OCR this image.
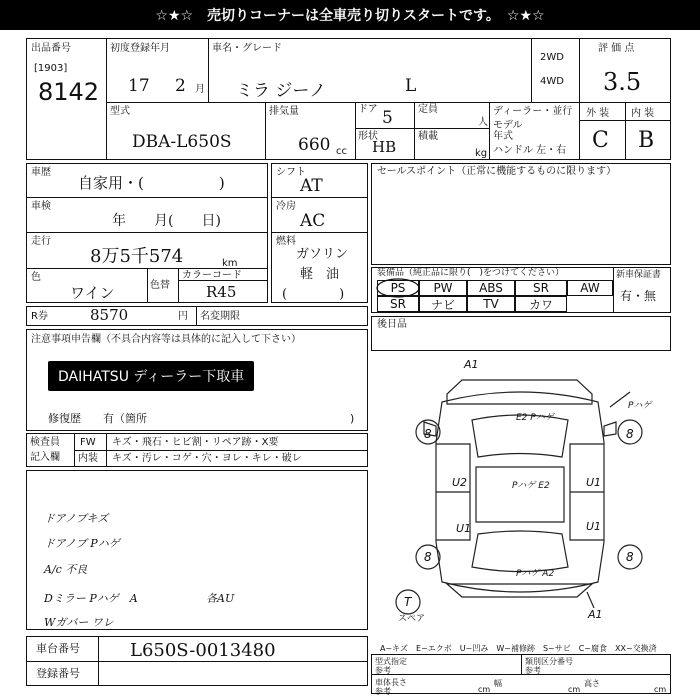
☆★☆　売切りコーナーは全車売り切りスタートです。　☆★☆
出品番号
[1903]
8142
初度登録年月
17 2 月
車名・グレード
ミラ ジーノ	L
2WD
4WD
評 価 点
3.5
型式
DBA-L650S
排気量
660 cc
ドア 5
形状
HB
定員
人
積載
kg
ディーラー・並行
モデル
年式
ハンドル 左・右
外 装 内 装
C B
車歴
自家用・(　　　　　)
車検
年　　月(　　日)
走行
8万5千574	km
色
ワイン	色替
カラーコード
R45
シフト
AT
冷房
AC
燃料
ガソリン
軽　油
(　　　　)
セールスポイント（正常に機能するものに限ります）
装備品（純正品に限り(　)をつけてください）
PS	PW	ABS	SR	AW
SR	ナビ	TV	カワ
新車保証書
有・無
R券	8570	円 名変期限
後日品
注意事項申告欄（不具合内容等は具体的に記入して下さい）
DAIHATSU ディーラー下取車
修復歴　　有（箇所	)
検査員
記入欄
FW キズ・飛石・ヒビ割・リペア跡・X要
内装 キズ・汚レ・コゲ・穴・ヨレ・キレ・破レ
ドアノブキズ
ドアノブ Pハゲ
A/c 不良
Dミラー Pハゲ　A
Wガバー ワレ
各AU
車台番号	L650S-0013480
登録番号
A1
A1
E2 Pハゲ
Pハゲ E2
U2	U1
U1	U1
Pハゲ A2
Pハゲ
8	8
8	8
T
スペア
A~キズ　E~エクボ　U~凹み　W~補修跡　S~サビ　C~腐食　XX~交換済
型式指定
参考
類別区分番号
参考
車体長さ
参考	cm
幅
cm
高さ
cm
